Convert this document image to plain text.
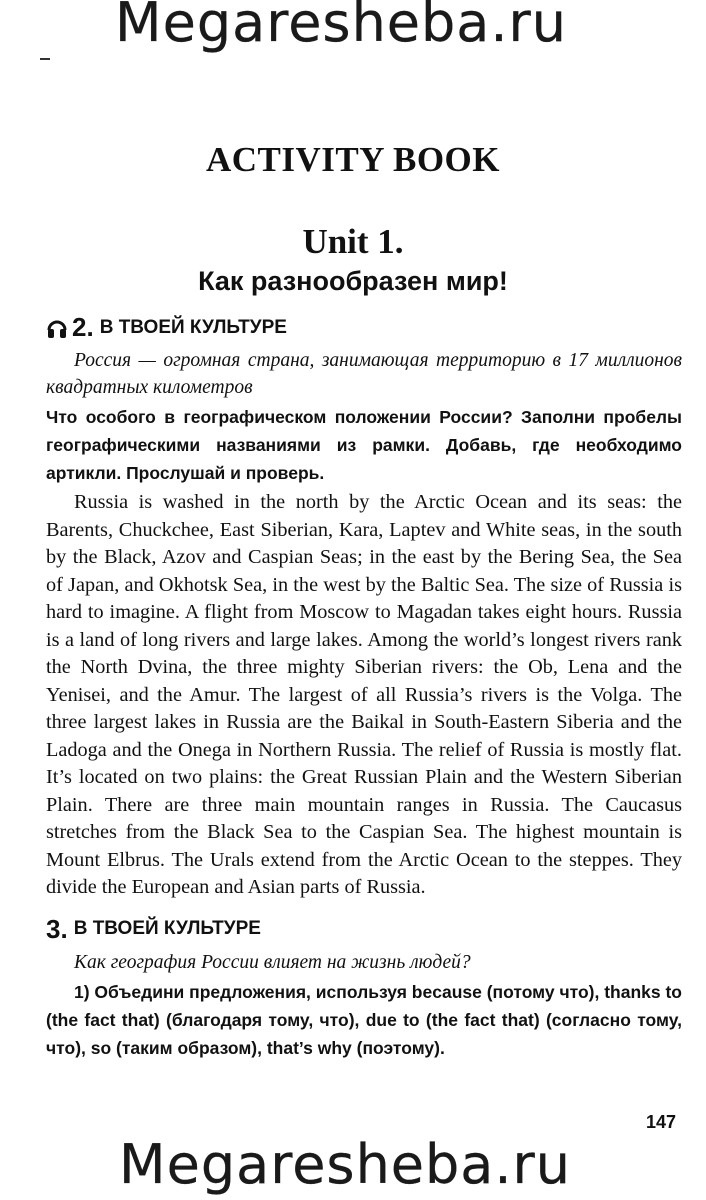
Megaresheba.ru
ACTIVITY BOOK
Unit 1.
Как разнообразен мир!
2. В ТВОЕЙ КУЛЬТУРЕ

Россия — огромная страна, занимающая территорию в 17 миллионов квадратных километров

Что особого в географическом положении России? Заполни пробелы географическими названиями из рамки. Добавь, где необходимо артикли. Прослушай и проверь.

Russia is washed in the north by the Arctic Ocean and its seas: the Barents, Chuckchee, East Siberian, Kara, Laptev and White seas, in the south by the Black, Azov and Caspian Seas; in the east by the Bering Sea, the Sea of Japan, and Okhotsk Sea, in the west by the Baltic Sea. The size of Russia is hard to imagine. A flight from Moscow to Magadan takes eight hours. Russia is a land of long rivers and large lakes. Among the world’s longest rivers rank the North Dvina, the three mighty Siberian rivers: the Ob, Lena and the Yenisei, and the Amur. The largest of all Russia’s rivers is the Volga. The three largest lakes in Russia are the Baikal in South-Eastern Siberia and the Ladoga and the Onega in Northern Russia. The relief of Russia is mostly flat. It’s located on two plains: the Great Russian Plain and the Western Siberian Plain. There are three main mountain ranges in Russia. The Caucasus stretches from the Black Sea to the Caspian Sea. The highest mountain is Mount Elbrus. The Urals extend from the Arctic Ocean to the steppes. They divide the European and Asian parts of Russia.

3. В ТВОЕЙ КУЛЬТУРЕ

Как география России влияет на жизнь людей?

1) Объедини предложения, используя because (потому что), thanks to (the fact that) (благодаря тому, что), due to (the fact that) (согласно тому, что), so (таким образом), that’s why (поэтому).

147
Megaresheba.ru
